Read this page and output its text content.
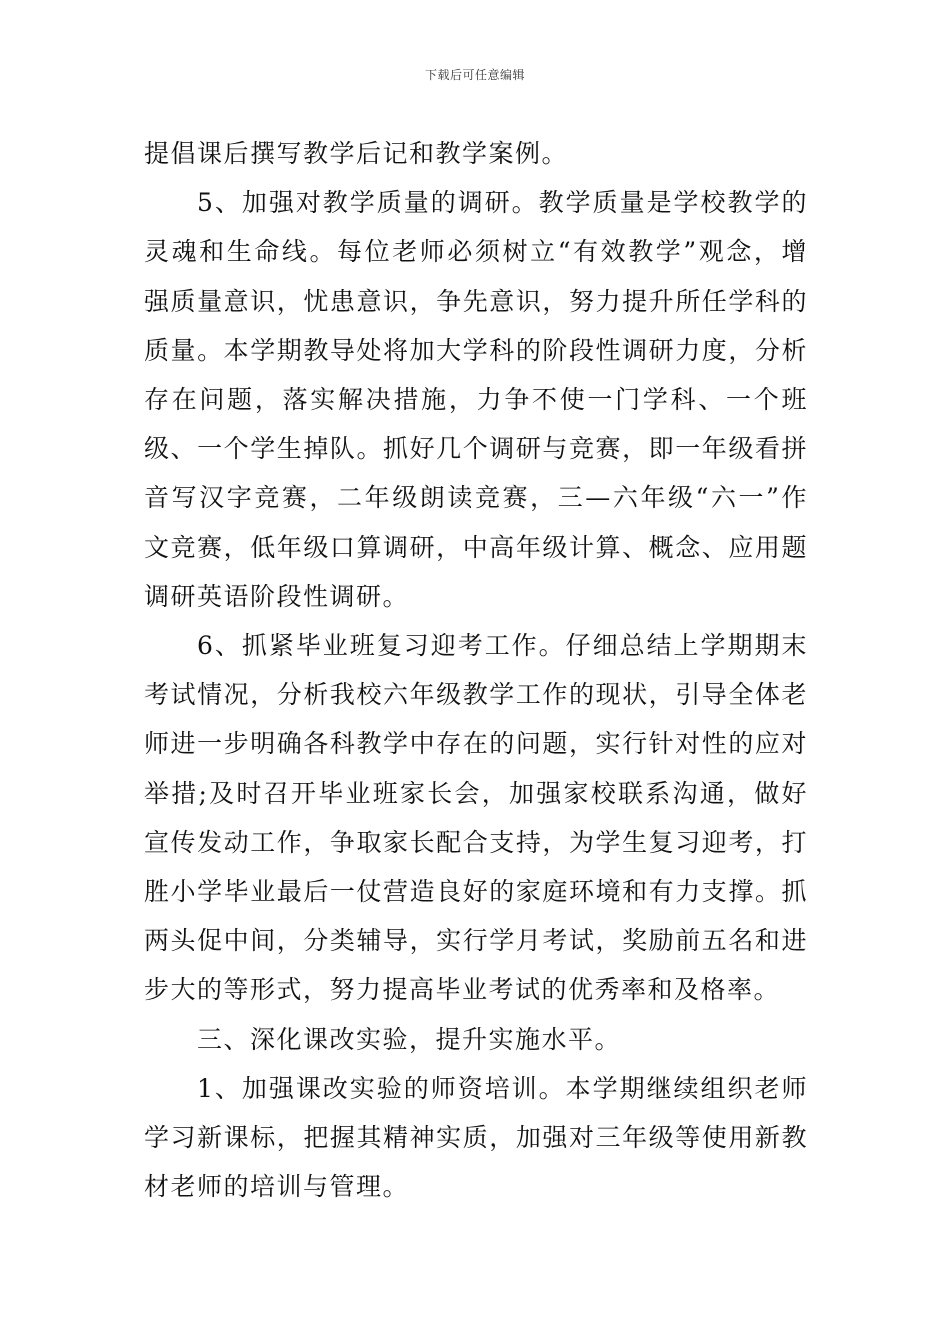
下载后可任意编辑

提倡课后撰写教学后记和教学案例。

5、加强对教学质量的调研。教学质量是学校教学的灵魂和生命线。每位老师必须树立“有效教学”观念，增强质量意识，忧患意识，争先意识，努力提升所任学科的质量。本学期教导处将加大学科的阶段性调研力度，分析存在问题，落实解决措施，力争不使一门学科、一个班级、一个学生掉队。抓好几个调研与竞赛，即一年级看拼音写汉字竞赛，二年级朗读竞赛，三—六年级“六一”作文竞赛，低年级口算调研，中高年级计算、概念、应用题调研英语阶段性调研。

6、抓紧毕业班复习迎考工作。仔细总结上学期期末考试情况，分析我校六年级教学工作的现状，引导全体老师进一步明确各科教学中存在的问题，实行针对性的应对举措;及时召开毕业班家长会，加强家校联系沟通，做好宣传发动工作，争取家长配合支持，为学生复习迎考，打胜小学毕业最后一仗营造良好的家庭环境和有力支撑。抓两头促中间，分类辅导，实行学月考试，奖励前五名和进步大的等形式，努力提高毕业考试的优秀率和及格率。

三、深化课改实验，提升实施水平。

1、加强课改实验的师资培训。本学期继续组织老师学习新课标，把握其精神实质，加强对三年级等使用新教材老师的培训与管理。
